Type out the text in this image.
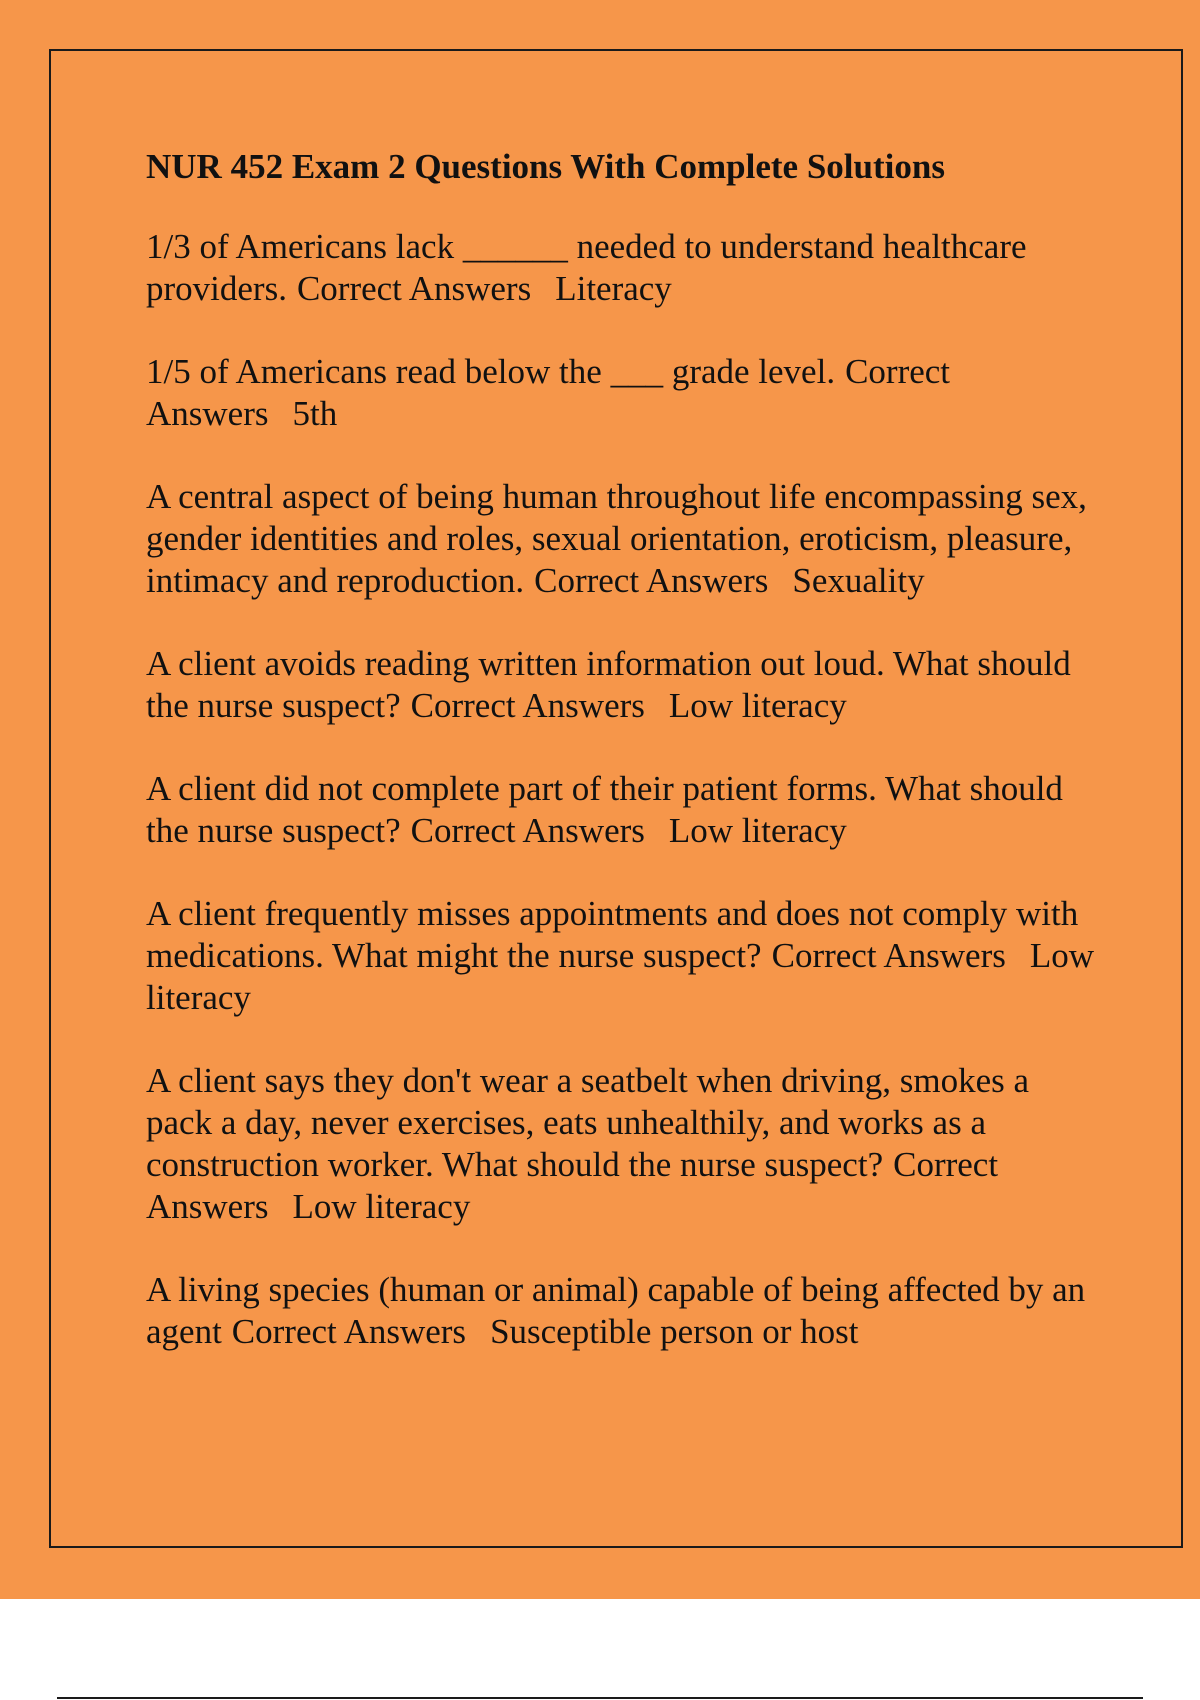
NUR 452 Exam 2 Questions With Complete Solutions

1/3 of Americans lack ______ needed to understand healthcare providers. Correct Answers Literacy

1/5 of Americans read below the ___ grade level. Correct Answers 5th

A central aspect of being human throughout life encompassing sex, gender identities and roles, sexual orientation, eroticism, pleasure, intimacy and reproduction. Correct Answers Sexuality

A client avoids reading written information out loud. What should the nurse suspect? Correct Answers Low literacy

A client did not complete part of their patient forms. What should the nurse suspect? Correct Answers Low literacy

A client frequently misses appointments and does not comply with medications. What might the nurse suspect? Correct Answers Low literacy

A client says they don't wear a seatbelt when driving, smokes a pack a day, never exercises, eats unhealthily, and works as a construction worker. What should the nurse suspect? Correct Answers Low literacy

A living species (human or animal) capable of being affected by an agent Correct Answers Susceptible person or host
